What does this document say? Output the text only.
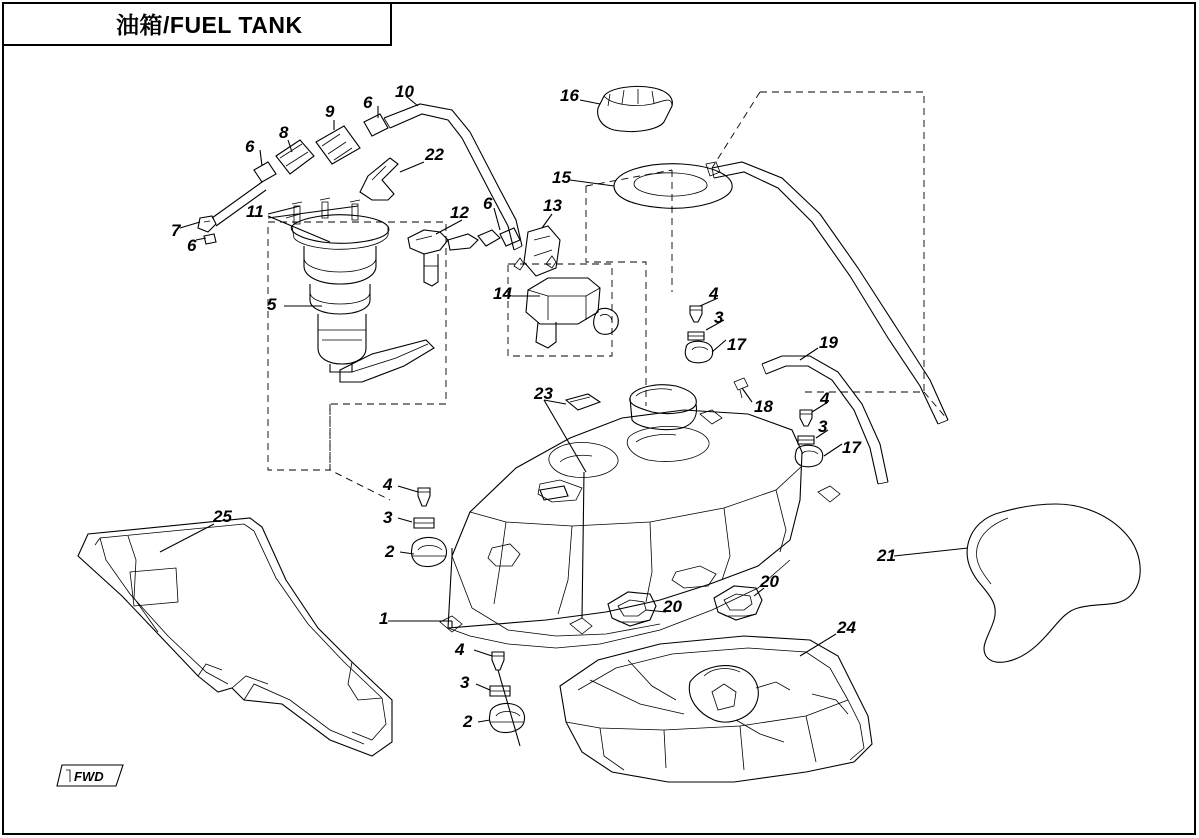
油箱/FUEL TANK
FWD
1
2
2
3
3
3
3
4
4
4
4
5
6
6
6
6
7
8
9
10
11	12	13
14
15
16
17
17
18
19
20
20
21
22
23
24
25
